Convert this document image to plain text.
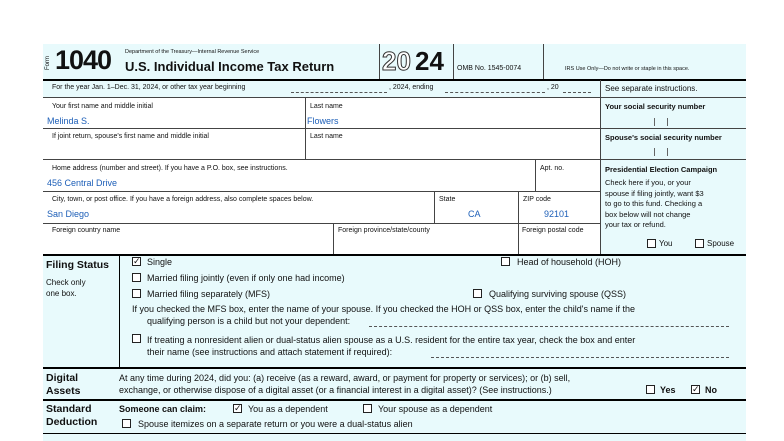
Form 1040	Department of the Treasury—Internal Revenue Service
U.S. Individual Income Tax Return 20 24 OMB No. 1545-0074	IRS Use Only—Do not write or staple in this space.
For the year Jan. 1–Dec. 31, 2024, or other tax year beginning	, 2024, ending	, 20	See separate instructions.
Your first name and middle initial
Melinda S.
Last name
Flowers
Your social security number
If joint return, spouse's first name and middle initial	Last name	Spouse's social security number
Home address (number and street). If you have a P.O. box, see instructions.
456 Central Drive
Apt. no.
City, town, or post office. If you have a foreign address, also complete spaces below.
San Diego
State
CA
ZIP code
92101
Foreign country name	Foreign province/state/county	Foreign postal code
Presidential Election Campaign
Check here if you, or your
spouse if filing jointly, want $3
to go to this fund. Checking a
box below will not change
your tax or refund.
You	Spouse
Filing Status
Check only
one box.
✓ Single	Head of household (HOH)
Married filing jointly (even if only one had income)
Married filing separately (MFS)	Qualifying surviving spouse (QSS)
If you checked the MFS box, enter the name of your spouse. If you checked the HOH or QSS box, enter the child's name if the
qualifying person is a child but not your dependent:
If treating a nonresident alien or dual-status alien spouse as a U.S. resident for the entire tax year, check the box and enter
their name (see instructions and attach statement if required):
Digital
Assets
At any time during 2024, did you: (a) receive (as a reward, award, or payment for property or services); or (b) sell,
exchange, or otherwise dispose of a digital asset (or a financial interest in a digital asset)? (See instructions.)	Yes ✓ No
Standard
Deduction
Someone can claim:	✓ You as a dependent	Your spouse as a dependent
Spouse itemizes on a separate return or you were a dual-status alien
